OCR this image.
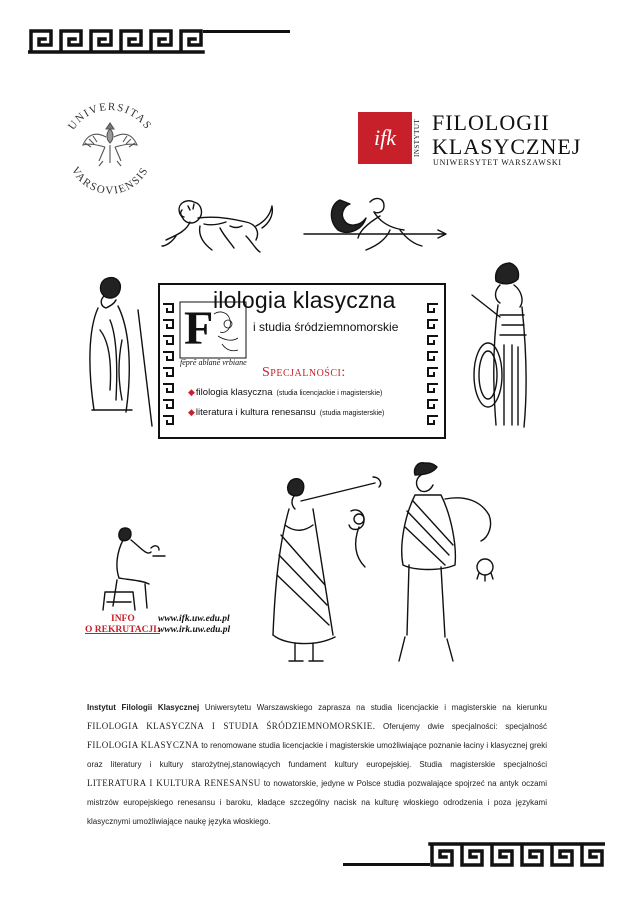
UNIVERSITAS
VARSOVIENSIS
ifk	INSTYTUT FILOLOGII
KLASYCZNEJ
UNIWERSYTET WARSZAWSKI
F
ilologia klasyczna
i studia śródziemnomorskie
fēprē ablanē vrbiane
Specjalności:
◆filologia klasyczna (studia licencjackie i magisterskie)
◆literatura i kultura renesansu (studia magisterskie)
INFO
O REKRUTACJI:
www.ifk.uw.edu.pl
www.irk.uw.edu.pl
Instytut Filologii Klasycznej Uniwersytetu Warszawskiego zaprasza na studia licencjackie i magisterskie na kierunku FILOLOGIA KLASYCZNA I STUDIA ŚRÓDZIEMNOMORSKIE. Oferujemy dwie specjalności: specjalność FILOLOGIA KLASYCZNA to renomowane studia licencjackie i magisterskie umożliwiające poznanie łaciny i klasycznej greki oraz literatury i kultury starożytnej,stanowiących fundament kultury europejskiej. Studia magisterskie specjalności LITERATURA I KULTURA RENESANSU to nowatorskie, jedyne w Polsce studia pozwalające spojrzeć na antyk oczami mistrzów europejskiego renesansu i baroku, kładące szczególny nacisk na kulturę włoskiego odrodzenia i poza językami klasycznymi umożliwiające naukę języka włoskiego.
